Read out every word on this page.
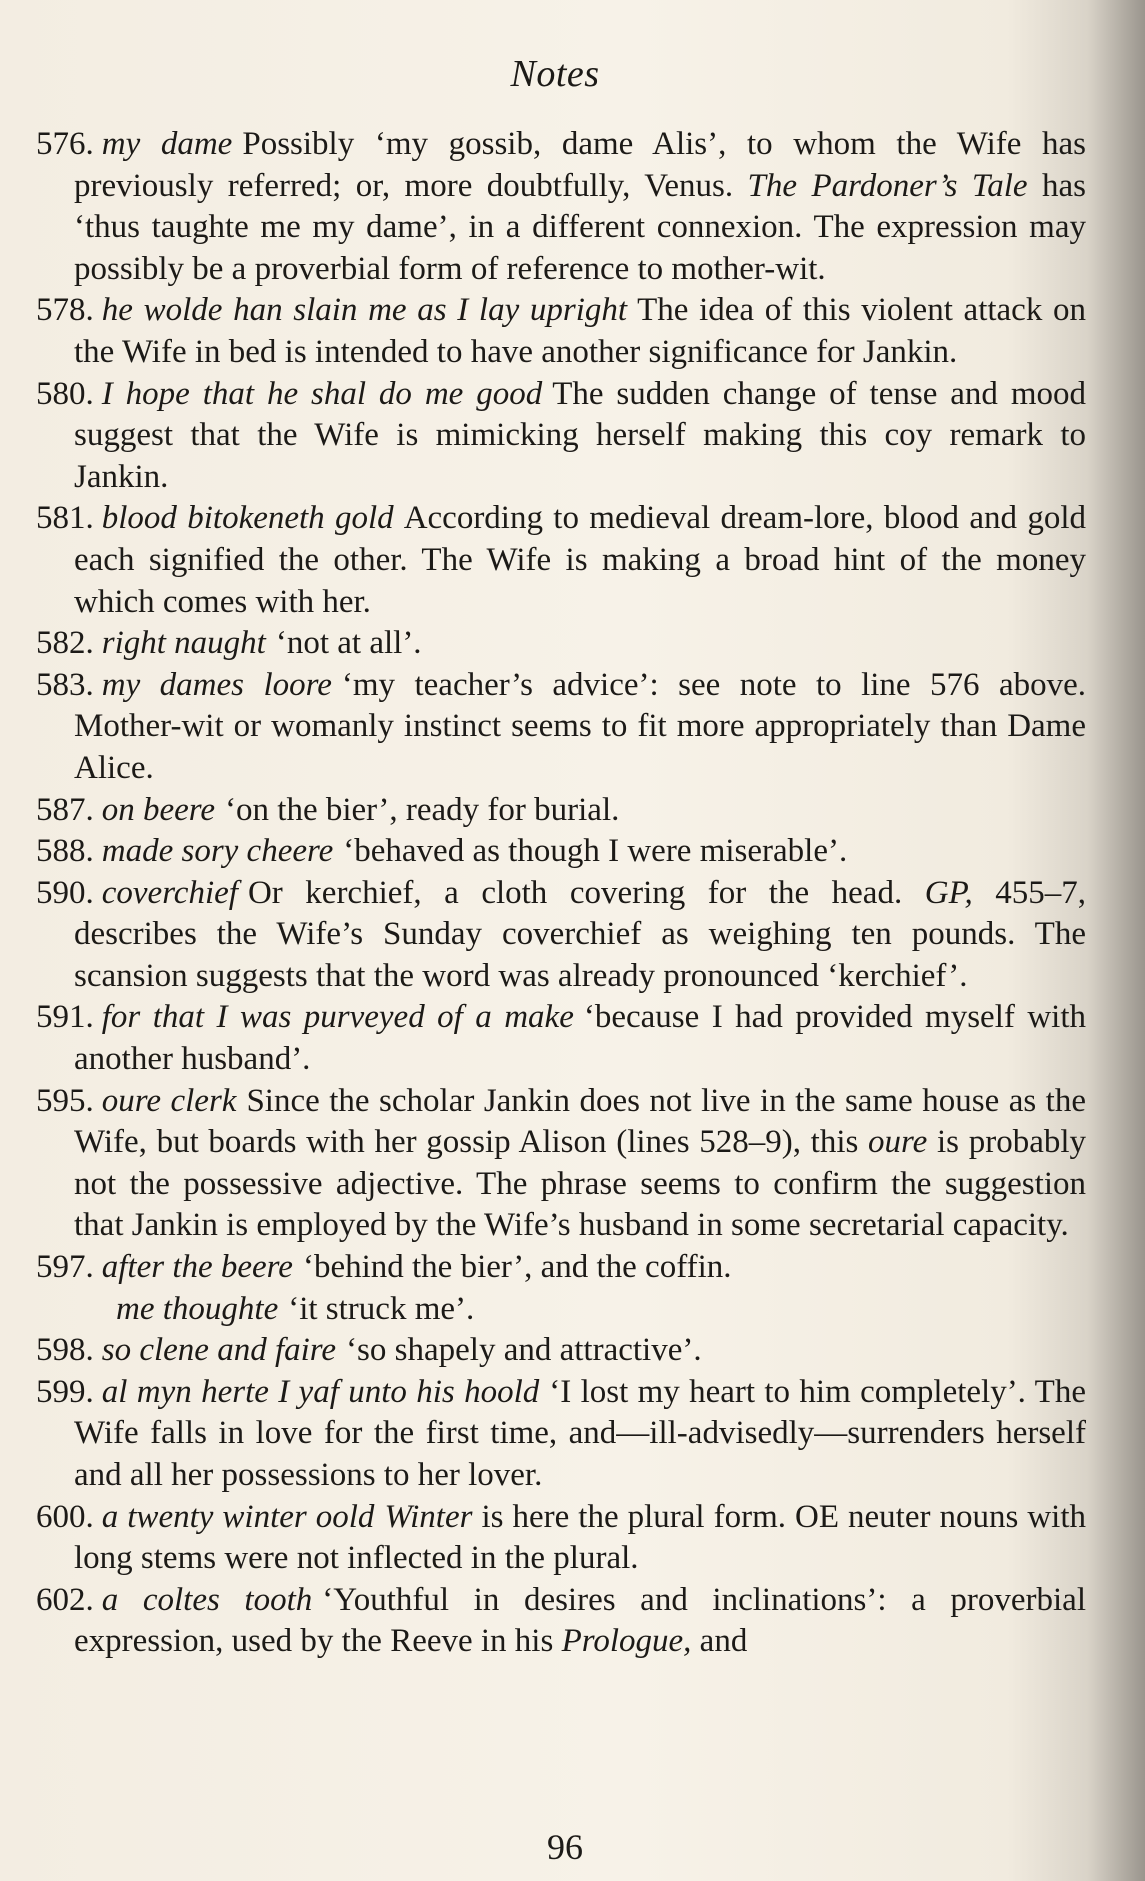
Notes

576. my dame Possibly ‘my gossib, dame Alis’, to whom the Wife has previously referred; or, more doubtfully, Venus. The Pardoner’s Tale has ‘thus taughte me my dame’, in a different connexion. The expression may possibly be a proverbial form of reference to mother-wit.

578. he wolde han slain me as I lay upright The idea of this violent attack on the Wife in bed is intended to have another significance for Jankin.

580. I hope that he shal do me good The sudden change of tense and mood suggest that the Wife is mimicking herself making this coy remark to Jankin.

581. blood bitokeneth gold According to medieval dream-lore, blood and gold each signified the other. The Wife is making a broad hint of the money which comes with her.

582. right naught ‘not at all’.

583. my dames loore ‘my teacher’s advice’: see note to line 576 above. Mother-wit or womanly instinct seems to fit more appropriately than Dame Alice.

587. on beere ‘on the bier’, ready for burial.

588. made sory cheere ‘behaved as though I were miserable’.

590. coverchief Or kerchief, a cloth covering for the head. GP, 455–7, describes the Wife’s Sunday coverchief as weighing ten pounds. The scansion suggests that the word was already pronounced ‘kerchief’.

591. for that I was purveyed of a make ‘because I had provided myself with another husband’.

595. oure clerk Since the scholar Jankin does not live in the same house as the Wife, but boards with her gossip Alison (lines 528–9), this oure is probably not the possessive adjective. The phrase seems to confirm the suggestion that Jankin is employed by the Wife’s husband in some secretarial capacity.

597. after the beere ‘behind the bier’, and the coffin.

me thoughte ‘it struck me’.

598. so clene and faire ‘so shapely and attractive’.

599. al myn herte I yaf unto his hoold ‘I lost my heart to him completely’. The Wife falls in love for the first time, and—ill-advisedly—surrenders herself and all her possessions to her lover.

600. a twenty winter oold Winter is here the plural form. OE neuter nouns with long stems were not inflected in the plural.

602. a coltes tooth ‘Youthful in desires and inclinations’: a proverbial expression, used by the Reeve in his Prologue, and

96
